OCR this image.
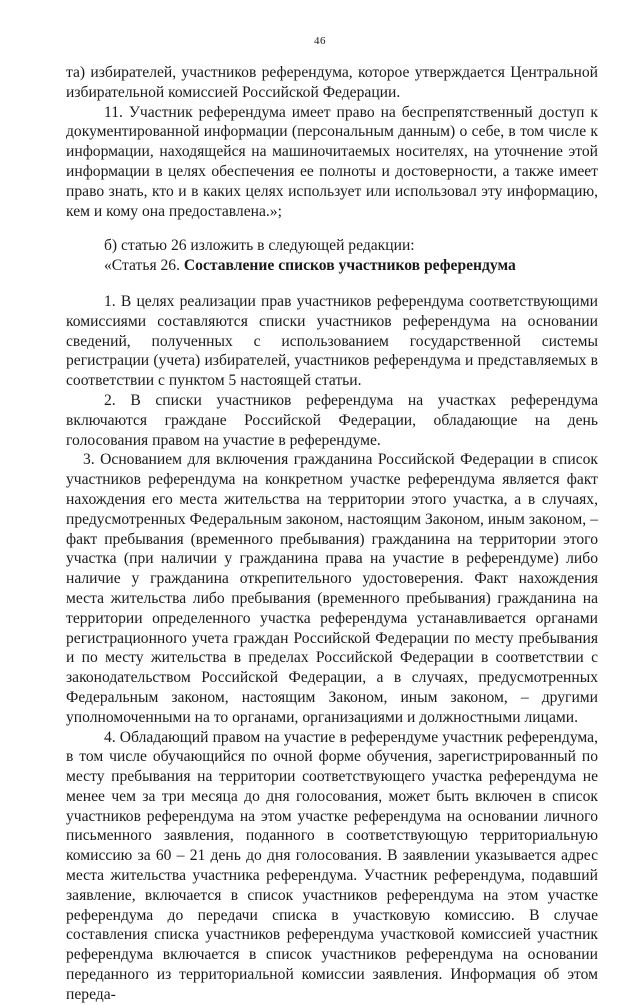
46

та) избирателей, участников референдума, которое утверждается Центральной избирательной комиссией Российской Федерации.

11. Участник референдума имеет право на беспрепятственный доступ к документированной информации (персональным данным) о себе, в том числе к информации, находящейся на машиночитаемых носителях, на уточнение этой информации в целях обеспечения ее полноты и достоверности, а также имеет право знать, кто и в каких целях использует или использовал эту информацию, кем и кому она предоставлена.»;

б) статью 26 изложить в следующей редакции:

«Статья 26. Составление списков участников референдума

1. В целях реализации прав участников референдума соответствующими комиссиями составляются списки участников референдума на основании сведений, полученных с использованием государственной системы регистрации (учета) избирателей, участников референдума и представляемых в соответствии с пунктом 5 настоящей статьи.

2. В списки участников референдума на участках референдума включаются граждане Российской Федерации, обладающие на день голосования правом на участие в референдуме.

3. Основанием для включения гражданина Российской Федерации в список участников референдума на конкретном участке референдума является факт нахождения его места жительства на территории этого участка, а в случаях, предусмотренных Федеральным законом, настоящим Законом, иным законом, – факт пребывания (временного пребывания) гражданина на территории этого участка (при наличии у гражданина права на участие в референдуме) либо наличие у гражданина открепительного удостоверения. Факт нахождения места жительства либо пребывания (временного пребывания) гражданина на территории определенного участка референдума устанавливается органами регистрационного учета граждан Российской Федерации по месту пребывания и по месту жительства в пределах Российской Федерации в соответствии с законодательством Российской Федерации, а в случаях, предусмотренных Федеральным законом, настоящим Законом, иным законом, – другими уполномоченными на то органами, организациями и должностными лицами.

4. Обладающий правом на участие в референдуме участник референдума, в том числе обучающийся по очной форме обучения, зарегистрированный по месту пребывания на территории соответствующего участка референдума не менее чем за три месяца до дня голосования, может быть включен в список участников референдума на этом участке референдума на основании личного письменного заявления, поданного в соответствующую территориальную комиссию за 60 – 21 день до дня голосования. В заявлении указывается адрес места жительства участника референдума. Участник референдума, подавший заявление, включается в список участников референдума на этом участке референдума до передачи списка в участковую комиссию. В случае составления списка участников референдума участковой комиссией участник референдума включается в список участников референдума на основании переданного из территориальной комиссии заявления. Информация об этом переда-
